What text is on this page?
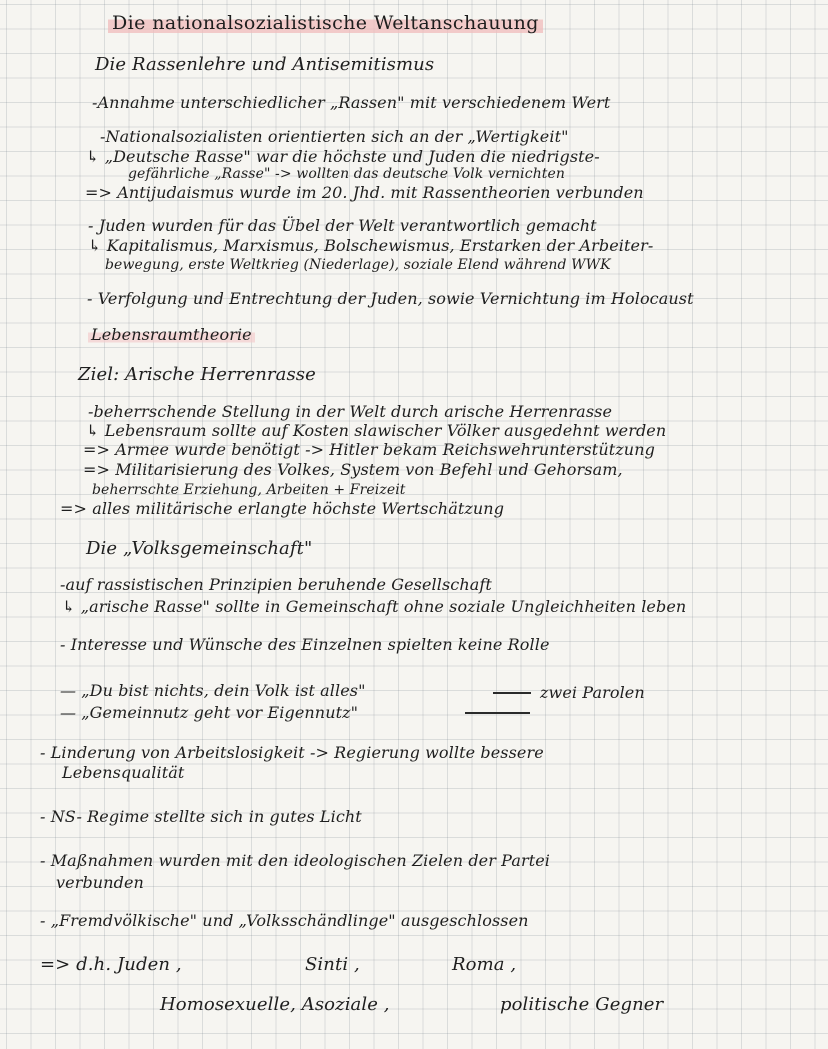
Die nationalsozialistische Weltanschauung
Die Rassenlehre und Antisemitismus
-Annahme unterschiedlicher „Rassen" mit verschiedenem Wert
-Nationalsozialisten orientierten sich an der „Wertigkeit"
↳ „Deutsche Rasse" war die höchste und Juden die niedrigste-
gefährliche „Rasse" -> wollten das deutsche Volk vernichten
=> Antijudaismus wurde im 20. Jhd. mit Rassentheorien verbunden
- Juden wurden für das Übel der Welt verantwortlich gemacht
↳ Kapitalismus, Marxismus, Bolschewismus, Erstarken der Arbeiter-
bewegung, erste Weltkrieg (Niederlage), soziale Elend während WWK
- Verfolgung und Entrechtung der Juden, sowie Vernichtung im Holocaust
Lebensraumtheorie
Ziel: Arische Herrenrasse
-beherrschende Stellung in der Welt durch arische Herrenrasse
↳ Lebensraum sollte auf Kosten slawischer Völker ausgedehnt werden
=> Armee wurde benötigt -> Hitler bekam Reichswehrunterstützung
=> Militarisierung des Volkes, System von Befehl und Gehorsam,
beherrschte Erziehung, Arbeiten + Freizeit
=> alles militärische erlangte höchste Wertschätzung
Die „Volksgemeinschaft"
-auf rassistischen Prinzipien beruhende Gesellschaft
↳ „arische Rasse" sollte in Gemeinschaft ohne soziale Ungleichheiten leben
- Interesse und Wünsche des Einzelnen spielten keine Rolle
— „Du bist nichts, dein Volk ist alles"
— „Gemeinnutz geht vor Eigennutz"
zwei Parolen
- Linderung von Arbeitslosigkeit -> Regierung wollte bessere
Lebensqualität
- NS- Regime stellte sich in gutes Licht
- Maßnahmen wurden mit den ideologischen Zielen der Partei
verbunden
- „Fremdvölkische" und „Volksschändlinge" ausgeschlossen
=> d.h. Juden ,	Sinti ,	Roma ,
Homosexuelle, Asoziale ,	politische Gegner
